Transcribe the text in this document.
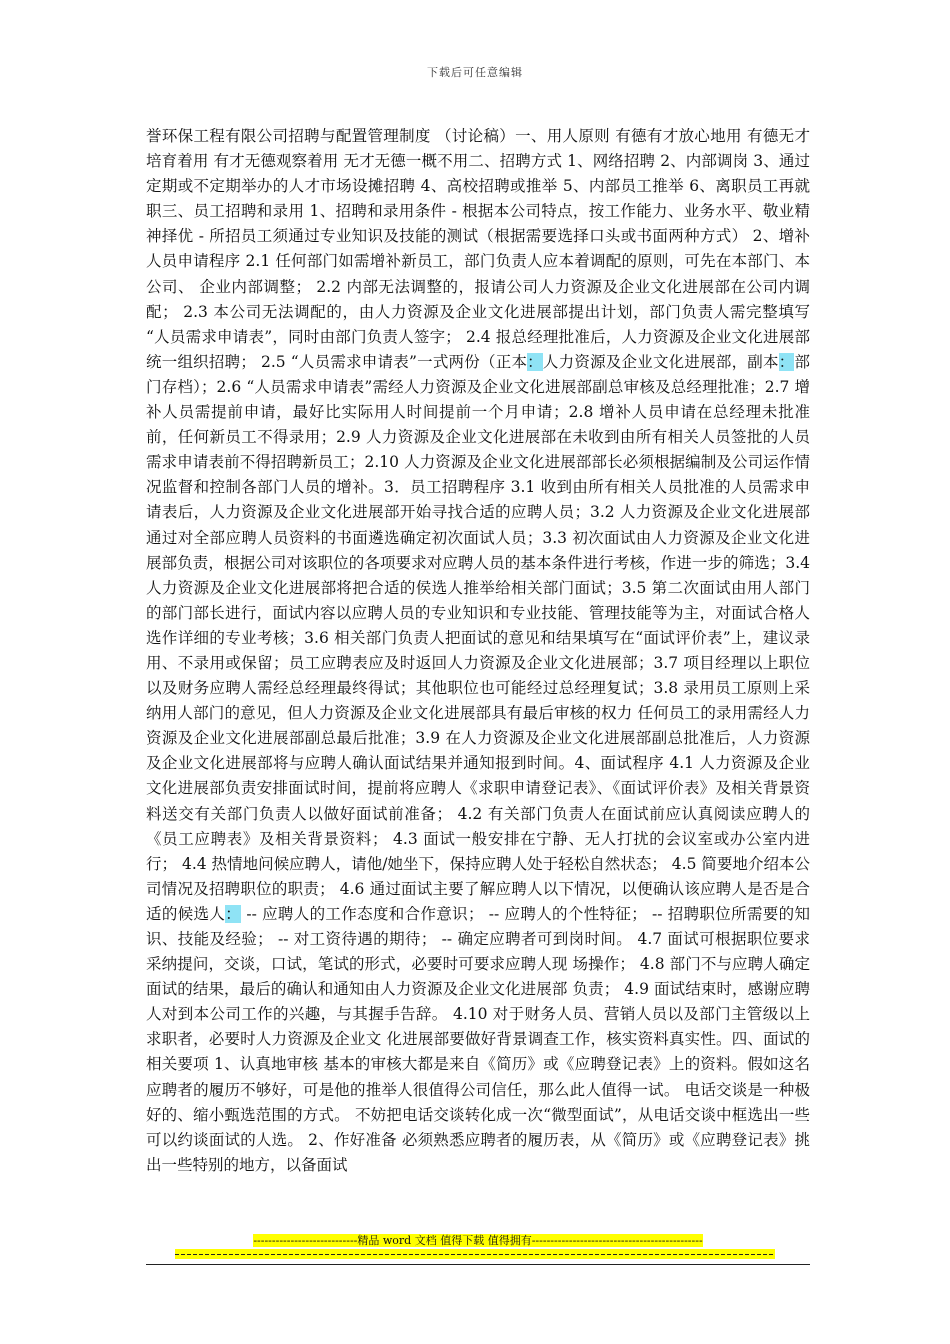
下载后可任意编辑
誉环保工程有限公司招聘与配置管理制度 （讨论稿）一、用人原则 有德有才放心地用 有德无才培育着用 有才无德观察着用 无才无德一概不用二、招聘方式 1、网络招聘 2、内部调岗 3、通过定期或不定期举办的人才市场设摊招聘 4、高校招聘或推举 5、内部员工推举 6、离职员工再就职三、员工招聘和录用 1、招聘和录用条件 - 根据本公司特点，按工作能力、业务水平、敬业精神择优 - 所招员工须通过专业知识及技能的测试（根据需要选择口头或书面两种方式） 2、增补人员申请程序 2.1 任何部门如需增补新员工，部门负责人应本着调配的原则，可先在本部门、本公司、 企业内部调整； 2.2 内部无法调整的，报请公司人力资源及企业文化进展部在公司内调配； 2.3 本公司无法调配的，由人力资源及企业文化进展部提出计划，部门负责人需完整填写 “人员需求申请表”，同时由部门负责人签字； 2.4 报总经理批准后，人力资源及企业文化进展部统一组织招聘； 2.5 “人员需求申请表”一式两份（正本：人力资源及企业文化进展部，副本：部门存档）；2.6 “人员需求申请表”需经人力资源及企业文化进展部副总审核及总经理批准；2.7 增补人员需提前申请，最好比实际用人时间提前一个月申请；2.8 增补人员申请在总经理未批准前，任何新员工不得录用；2.9 人力资源及企业文化进展部在未收到由所有相关人员签批的人员需求申请表前不得招聘新员工；2.10 人力资源及企业文化进展部部长必须根据编制及公司运作情况监督和控制各部门人员的增补。3．员工招聘程序 3.1 收到由所有相关人员批准的人员需求申请表后，人力资源及企业文化进展部开始寻找合适的应聘人员；3.2 人力资源及企业文化进展部通过对全部应聘人员资料的书面遴选确定初次面试人员；3.3 初次面试由人力资源及企业文化进展部负责，根据公司对该职位的各项要求对应聘人员的基本条件进行考核，作进一步的筛选；3.4 人力资源及企业文化进展部将把合适的侯选人推举给相关部门面试；3.5 第二次面试由用人部门的部门部长进行，面试内容以应聘人员的专业知识和专业技能、管理技能等为主，对面试合格人选作详细的专业考核；3.6 相关部门负责人把面试的意见和结果填写在“面试评价表”上，建议录用、不录用或保留；员工应聘表应及时返回人力资源及企业文化进展部；3.7 项目经理以上职位以及财务应聘人需经总经理最终得试；其他职位也可能经过总经理复试；3.8 录用员工原则上采纳用人部门的意见，但人力资源及企业文化进展部具有最后审核的权力 任何员工的录用需经人力资源及企业文化进展部副总最后批准；3.9 在人力资源及企业文化进展部副总批准后，人力资源及企业文化进展部将与应聘人确认面试结果并通知报到时间。4、面试程序 4.1 人力资源及企业文化进展部负责安排面试时间，提前将应聘人《求职申请登记表》、《面试评价表》及相关背景资料送交有关部门负责人以做好面试前准备； 4.2 有关部门负责人在面试前应认真阅读应聘人的《员工应聘表》及相关背景资料； 4.3 面试一般安排在宁静、无人打扰的会议室或办公室内进行； 4.4 热情地问候应聘人，请他/她坐下，保持应聘人处于轻松自然状态； 4.5 简要地介绍本公司情况及招聘职位的职责； 4.6 通过面试主要了解应聘人以下情况，以便确认该应聘人是否是合适的候选人： -- 应聘人的工作态度和合作意识； -- 应聘人的个性特征； -- 招聘职位所需要的知识、技能及经验； -- 对工资待遇的期待； -- 确定应聘者可到岗时间。 4.7 面试可根据职位要求采纳提问，交谈，口试，笔试的形式，必要时可要求应聘人现 场操作； 4.8 部门不与应聘人确定面试的结果，最后的确认和通知由人力资源及企业文化进展部 负责； 4.9 面试结束时，感谢应聘人对到本公司工作的兴趣，与其握手告辞。 4.10 对于财务人员、营销人员以及部门主管级以上求职者，必要时人力资源及企业文 化进展部要做好背景调查工作，核实资料真实性。四、面试的相关要项 1、认真地审核 基本的审核大都是来自《简历》或《应聘登记表》上的资料。假如这名应聘者的履历不够好，可是他的推举人很值得公司信任，那么此人值得一试。 电话交谈是一种极好的、缩小甄选范围的方式。 不妨把电话交谈转化成一次“微型面试”，从电话交谈中框选出一些可以约谈面试的人选。 2、作好准备 必须熟悉应聘者的履历表，从《简历》或《应聘登记表》挑出一些特别的地方，以备面试
----------------------------精品 word 文档 值得下载 值得拥有----------------------------------------------
